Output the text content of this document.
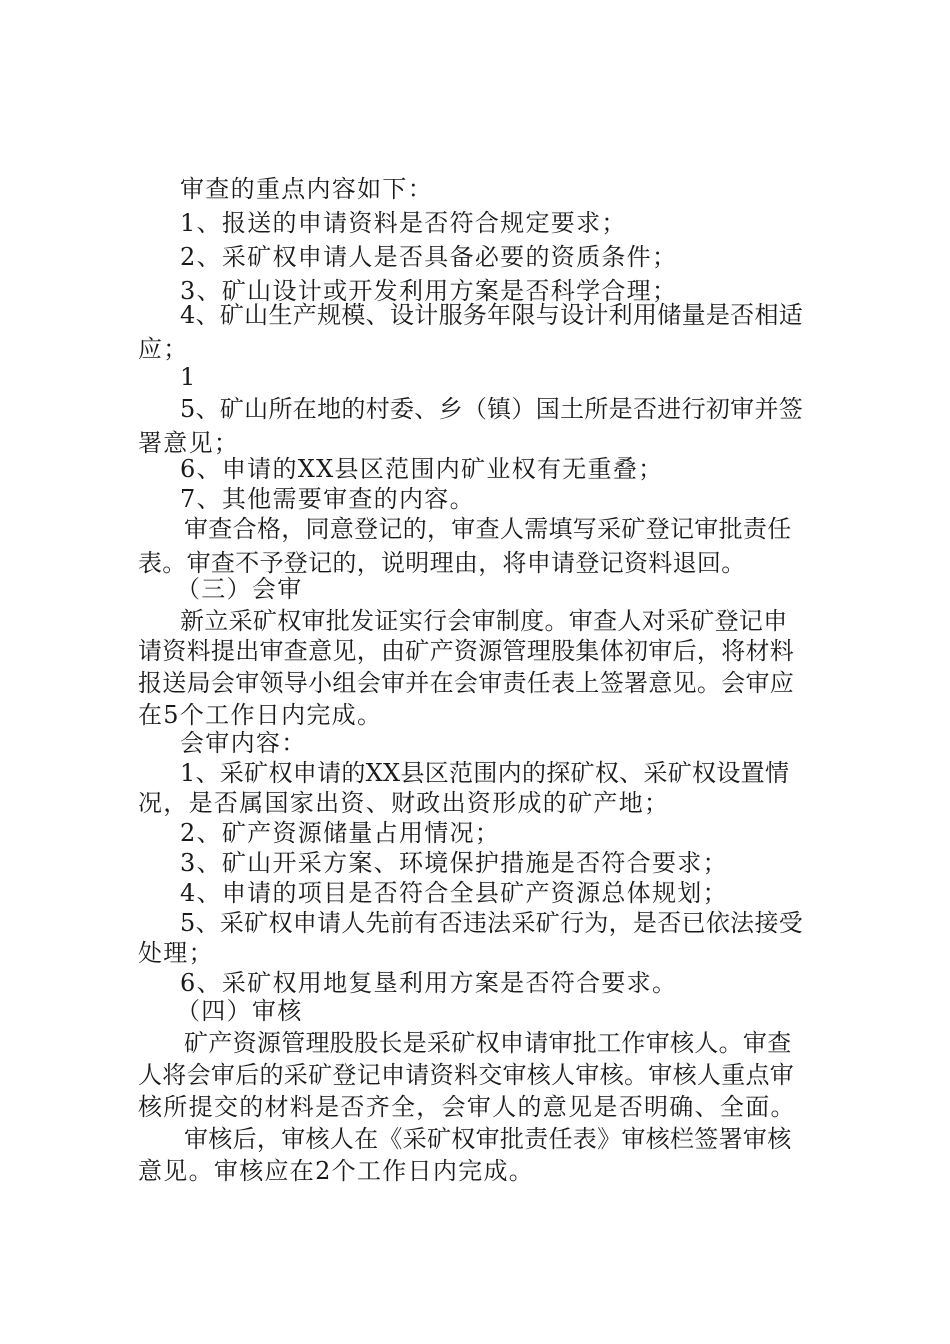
审查的重点内容如下：
1、报送的申请资料是否符合规定要求；
2、采矿权申请人是否具备必要的资质条件；
3、矿山设计或开发利用方案是否科学合理；
4、矿山生产规模、设计服务年限与设计利用储量是否相适
应；
1
5、矿山所在地的村委、乡（镇）国土所是否进行初审并签
署意见；
6、申请的XX县区范围内矿业权有无重叠；
7、其他需要审查的内容。
审查合格，同意登记的，审查人需填写采矿登记审批责任
表。审查不予登记的，说明理由，将申请登记资料退回。
（三）会审
新立采矿权审批发证实行会审制度。审查人对采矿登记申
请资料提出审查意见，由矿产资源管理股集体初审后，将材料
报送局会审领导小组会审并在会审责任表上签署意见。会审应
在5个工作日内完成。
会审内容：
1、采矿权申请的XX县区范围内的探矿权、采矿权设置情
况，是否属国家出资、财政出资形成的矿产地；
2、矿产资源储量占用情况；
3、矿山开采方案、环境保护措施是否符合要求；
4、申请的项目是否符合全县矿产资源总体规划；
5、采矿权申请人先前有否违法采矿行为，是否已依法接受
处理；
6、采矿权用地复垦利用方案是否符合要求。
（四）审核
矿产资源管理股股长是采矿权申请审批工作审核人。审查
人将会审后的采矿登记申请资料交审核人审核。审核人重点审
核所提交的材料是否齐全，会审人的意见是否明确、全面。
审核后，审核人在《采矿权审批责任表》审核栏签署审核
意见。审核应在2个工作日内完成。
